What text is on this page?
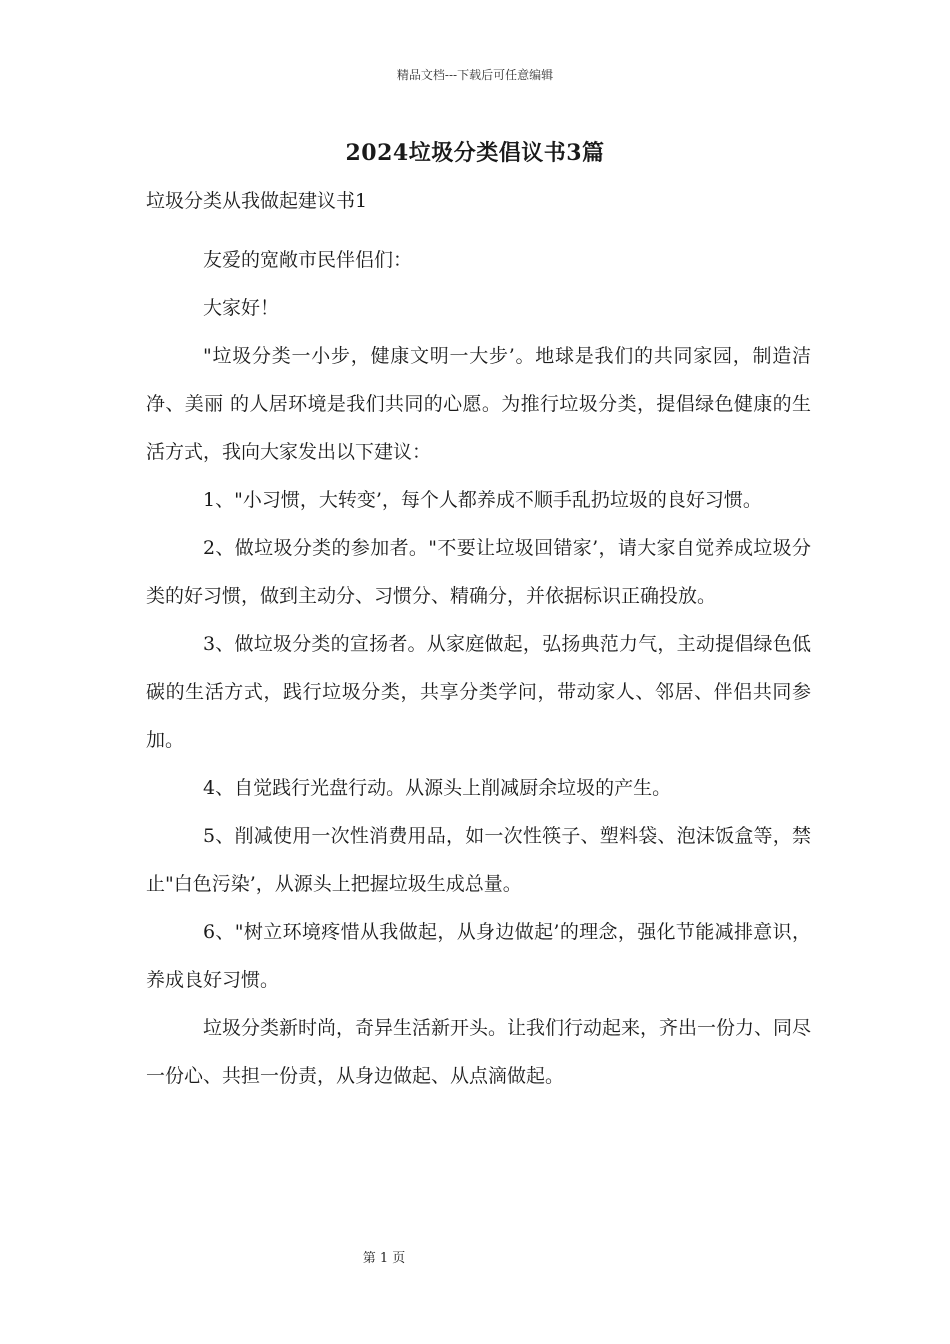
精品文档---下载后可任意编辑
2024垃圾分类倡议书3篇
垃圾分类从我做起建议书1

友爱的宽敞市民伴侣们：

大家好！

"垃圾分类一小步，健康文明一大步’。地球是我们的共同家园，制造洁净、美丽 的人居环境是我们共同的心愿。为推行垃圾分类，提倡绿色健康的生活方式，我向大家发出以下建议：

1、"小习惯，大转变’，每个人都养成不顺手乱扔垃圾的良好习惯。

2、做垃圾分类的参加者。"不要让垃圾回错家’，请大家自觉养成垃圾分类的好习惯，做到主动分、习惯分、精确分，并依据标识正确投放。

3、做垃圾分类的宣扬者。从家庭做起，弘扬典范力气，主动提倡绿色低碳的生活方式，践行垃圾分类，共享分类学问，带动家人、邻居、伴侣共同参加。

4、自觉践行光盘行动。从源头上削减厨余垃圾的产生。

5、削减使用一次性消费用品，如一次性筷子、塑料袋、泡沫饭盒等，禁止"白色污染’，从源头上把握垃圾生成总量。

6、"树立环境疼惜从我做起，从身边做起’的理念，强化节能减排意识，养成良好习惯。

垃圾分类新时尚，奇异生活新开头。让我们行动起来，齐出一份力、同尽一份心、共担一份责，从身边做起、从点滴做起。

第 1 页
